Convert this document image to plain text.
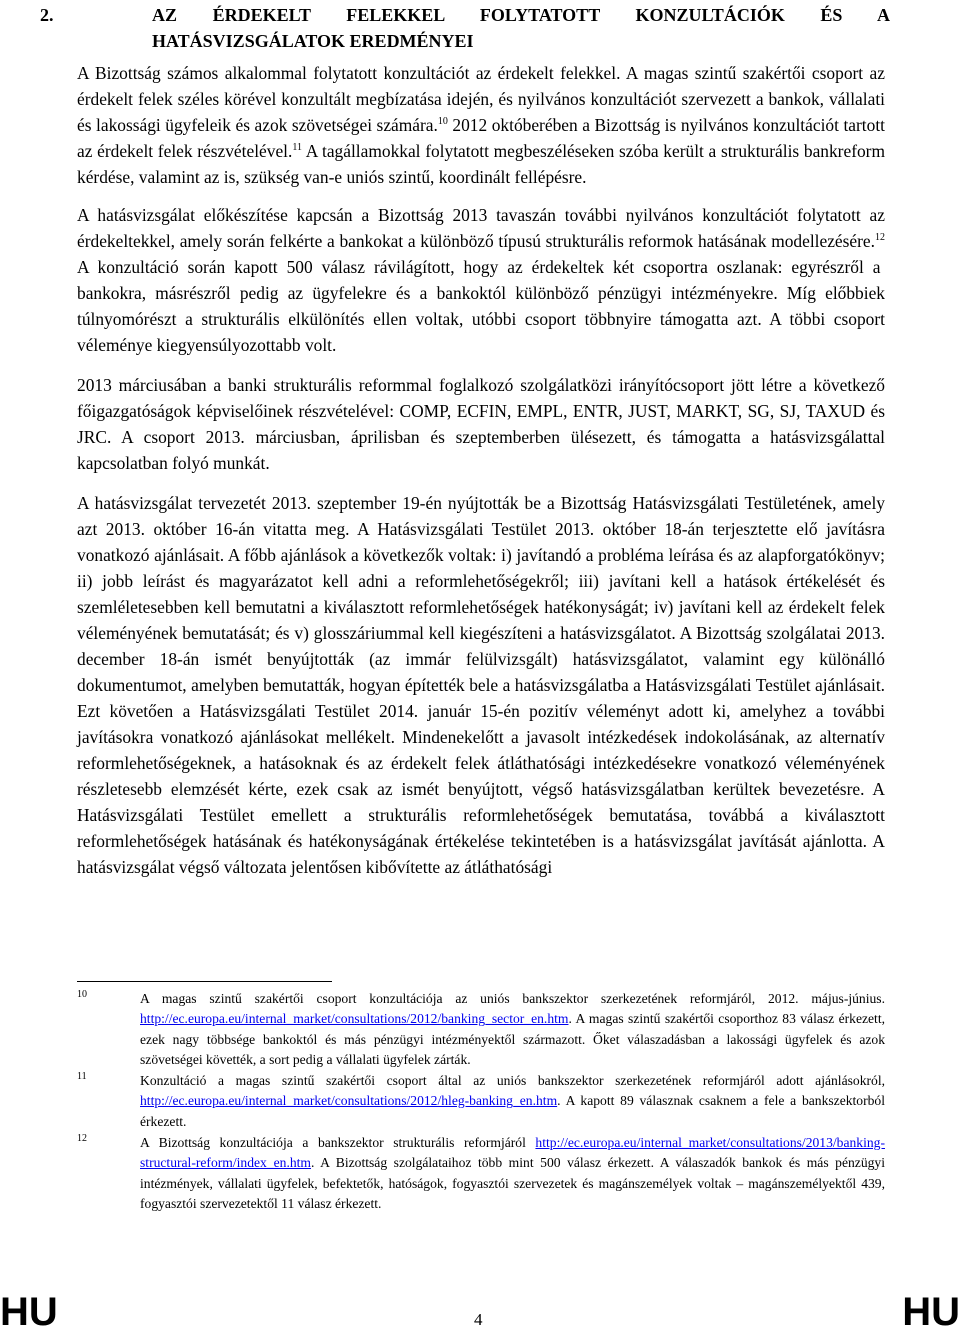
2.	AZ ÉRDEKELT FELEKKEL FOLYTATOTT KONZULTÁCIÓK ÉS A HATÁSVIZSGÁLATOK EREDMÉNYEI

A Bizottság számos alkalommal folytatott konzultációt az érdekelt felekkel. A magas szintű szakértői csoport az érdekelt felek széles körével konzultált megbízatása idején, és nyilvános konzultációt szervezett a bankok, vállalati és lakossági ügyfeleik és azok szövetségei számára.$^{10}$ 2012 októberében a Bizottság is nyilvános konzultációt tartott az érdekelt felek részvételével.$^{11}$ A tagállamokkal folytatott megbeszéléseken szóba került a strukturális bankreform kérdése, valamint az is, szükség van-e uniós szintű, koordinált fellépésre.

A hatásvizsgálat előkészítése kapcsán a Bizottság 2013 tavaszán további nyilvános konzultációt folytatott az érdekeltekkel, amely során felkérte a bankokat a különböző típusú strukturális reformok hatásának modellezésére.$^{12}$ A konzultáció során kapott 500 válasz rávilágított, hogy az érdekeltek két csoportra oszlanak: egyrészről a bankokra, másrészről pedig az ügyfelekre és a bankoktól különböző pénzügyi intézményekre. Míg előbbiek túlnyomórészt a strukturális elkülönítés ellen voltak, utóbbi csoport többnyire támogatta azt. A többi csoport véleménye kiegyensúlyozottabb volt.

2013 márciusában a banki strukturális reformmal foglalkozó szolgálatközi irányítócsoport jött létre a következő főigazgatóságok képviselőinek részvételével: COMP, ECFIN, EMPL, ENTR, JUST, MARKT, SG, SJ, TAXUD és JRC. A csoport 2013. márciusban, áprilisban és szeptemberben ülésezett, és támogatta a hatásvizsgálattal kapcsolatban folyó munkát.

A hatásvizsgálat tervezetét 2013. szeptember 19-én nyújtották be a Bizottság Hatásvizsgálati Testületének, amely azt 2013. október 16-án vitatta meg. A Hatásvizsgálati Testület 2013. október 18-án terjesztette elő javításra vonatkozó ajánlásait. A főbb ajánlások a következők voltak: i) javítandó a probléma leírása és az alapforgatókönyv; ii) jobb leírást és magyarázatot kell adni a reformlehetőségekről; iii) javítani kell a hatások értékelését és szemléletesebben kell bemutatni a kiválasztott reformlehetőségek hatékonyságát; iv) javítani kell az érdekelt felek véleményének bemutatását; és v) glosszáriummal kell kiegészíteni a hatásvizsgálatot. A Bizottság szolgálatai 2013. december 18-án ismét benyújtották (az immár felülvizsgált) hatásvizsgálatot, valamint egy különálló dokumentumot, amelyben bemutatták, hogyan építették bele a hatásvizsgálatba a Hatásvizsgálati Testület ajánlásait. Ezt követően a Hatásvizsgálati Testület 2014. január 15-én pozitív véleményt adott ki, amelyhez a további javításokra vonatkozó ajánlásokat mellékelt. Mindenekelőtt a javasolt intézkedések indokolásának, az alternatív reformlehetőségeknek, a hatásoknak és az érdekelt felek átláthatósági intézkedésekre vonatkozó véleményének részletesebb elemzését kérte, ezek csak az ismét benyújtott, végső hatásvizsgálatban kerültek bevezetésre. A Hatásvizsgálati Testület emellett a strukturális reformlehetőségek bemutatása, továbbá a kiválasztott reformlehetőségek hatásának és hatékonyságának értékelése tekintetében is a hatásvizsgálat javítását ajánlotta. A hatásvizsgálat végső változata jelentősen kibővítette az átláthatósági

10	A magas szintű szakértői csoport konzultációja az uniós bankszektor szerkezetének reformjáról, 2012. május-június. http://ec.europa.eu/internal_market/consultations/2012/banking_sector_en.htm. A magas szintű szakértői csoporthoz 83 válasz érkezett, ezek nagy többsége bankoktól és más pénzügyi intézményektől származott. Őket válaszadásban a lakossági ügyfelek és azok szövetségei követték, a sort pedig a vállalati ügyfelek zárták.
11	Konzultáció a magas szintű szakértői csoport által az uniós bankszektor szerkezetének reformjáról adott ajánlásokról, http://ec.europa.eu/internal_market/consultations/2012/hleg-banking_en.htm. A kapott 89 válasznak csaknem a fele a bankszektorból érkezett.
12	A Bizottság konzultációja a bankszektor strukturális reformjáról http://ec.europa.eu/internal_market/consultations/2013/banking-structural-reform/index_en.htm. A Bizottság szolgálataihoz több mint 500 válasz érkezett. A válaszadók bankok és más pénzügyi intézmények, vállalati ügyfelek, befektetők, hatóságok, fogyasztói szervezetek és magánszemélyek voltak – magánszemélyektől 439, fogyasztói szervezetektől 11 válasz érkezett.
HU	4	HU
